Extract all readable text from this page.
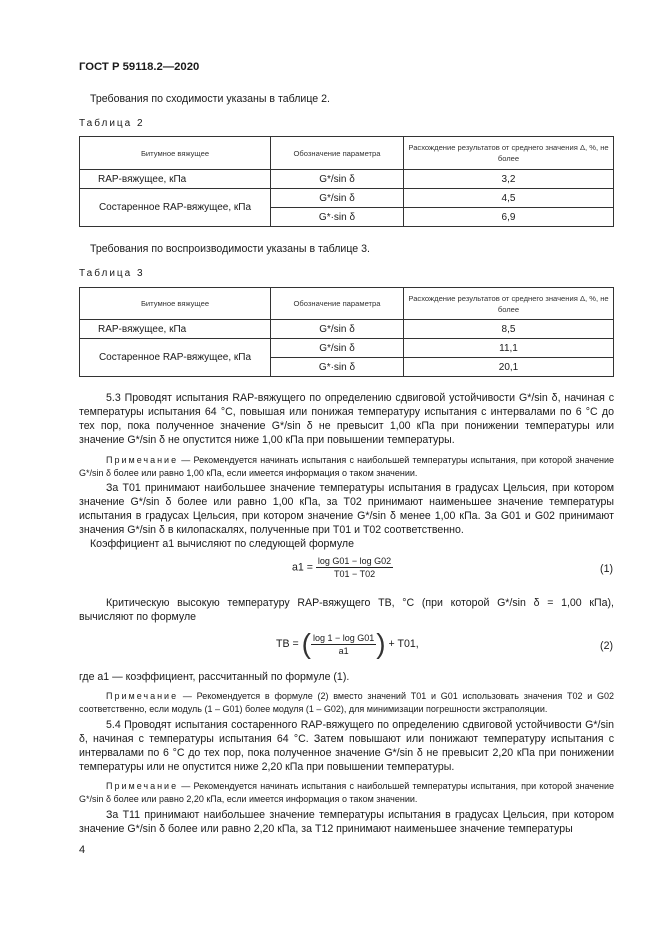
ГОСТ Р 59118.2—2020
Требования по сходимости указаны в таблице 2.
Таблица 2
Битумное вяжущее	Обозначение параметра	Расхождение результатов от среднего значения Δ, %, не более
RAP-вяжущее, кПа	G*/sin δ	3,2
Состаренное RAP-вяжущее, кПа	G*/sin δ	4,5
	G*·sin δ	6,9
Требования по воспроизводимости указаны в таблице 3.
Таблица 3
Битумное вяжущее	Обозначение параметра	Расхождение результатов от среднего значения Δ, %, не более
RAP-вяжущее, кПа	G*/sin δ	8,5
Состаренное RAP-вяжущее, кПа	G*/sin δ	11,1
	G*·sin δ	20,1
5.3 Проводят испытания RAP-вяжущего по определению сдвиговой устойчивости G*/sin δ, начиная с температуры испытания 64 °С, повышая или понижая температуру испытания с интервалами по 6 °С до тех пор, пока полученное значение G*/sin δ не превысит 1,00 кПа при понижении температуры или значение G*/sin δ не опустится ниже 1,00 кПа при повышении температуры.
Примечание — Рекомендуется начинать испытания с наибольшей температуры испытания, при которой значение G*/sin δ более или равно 1,00 кПа, если имеется информация о таком значении.
За T01 принимают наибольшее значение температуры испытания в градусах Цельсия, при котором значение G*/sin δ более или равно 1,00 кПа, за T02 принимают наименьшее значение температуры испытания в градусах Цельсия, при котором значение G*/sin δ менее 1,00 кПа. За G01 и G02 принимают значения G*/sin δ в килопаскалях, полученные при T01 и T02 соответственно.
Коэффициент a1 вычисляют по следующей формуле
$a1 = \frac{\text{log G01 − log G02}}{T01 - T02}$	(1)
Критическую высокую температуру RAP-вяжущего TB, °С (при которой G*/sin δ = 1,00 кПа), вычисляют по формуле
TB = ( $\frac{\text{log 1 − log G01}}{a1}$ ) + T01,	(2)
где a1 — коэффициент, рассчитанный по формуле (1).
Примечание — Рекомендуется в формуле (2) вместо значений T01 и G01 использовать значения T02 и G02 соответственно, если модуль (1 – G01) более модуля (1 – G02), для минимизации погрешности экстраполяции.
5.4 Проводят испытания состаренного RAP-вяжущего по определению сдвиговой устойчивости G*/sin δ, начиная с температуры испытания 64 °С. Затем повышают или понижают температуру испытания с интервалами по 6 °С до тех пор, пока полученное значение G*/sin δ не превысит 2,20 кПа при понижении температуры или не опустится ниже 2,20 кПа при повышении температуры.
Примечание — Рекомендуется начинать испытания с наибольшей температуры испытания, при которой значение G*/sin δ более или равно 2,20 кПа, если имеется информация о таком значении.
За T11 принимают наибольшее значение температуры испытания в градусах Цельсия, при котором значение G*/sin δ более или равно 2,20 кПа, за T12 принимают наименьшее значение температуры
4
